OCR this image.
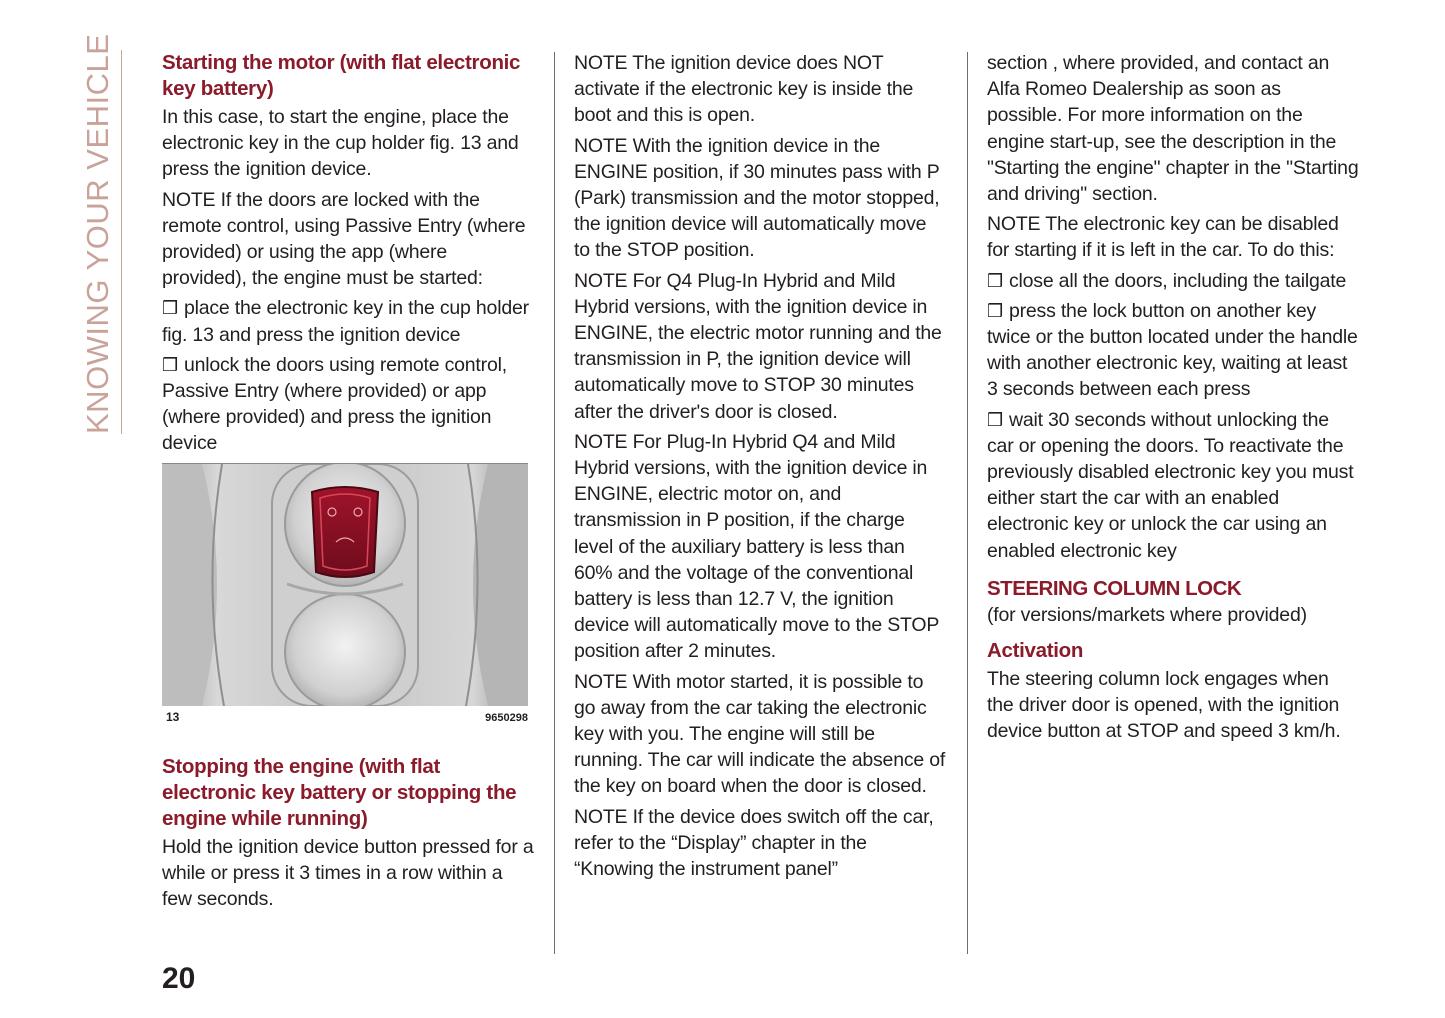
KNOWING YOUR VEHICLE Starting the motor (with flat electronic key battery)

In this case, to start the engine, place the electronic key in the cup holder fig. 13 and press the ignition device.

NOTE If the doors are locked with the remote control, using Passive Entry (where provided) or using the app (where provided), the engine must be started:

❒ place the electronic key in the cup holder fig. 13 and press the ignition device

❒ unlock the doors using remote control, Passive Entry (where provided) or app (where provided) and press the ignition device

13	9650298
Stopping the engine (with flat electronic key battery or stopping the engine while running)

Hold the ignition device button pressed for a while or press it 3 times in a row within a few seconds.

NOTE The ignition device does NOT activate if the electronic key is inside the boot and this is open.

NOTE With the ignition device in the ENGINE position, if 30 minutes pass with P (Park) transmission and the motor stopped, the ignition device will automatically move to the STOP position.

NOTE For Q4 Plug-In Hybrid and Mild Hybrid versions, with the ignition device in ENGINE, the electric motor running and the transmission in P, the ignition device will automatically move to STOP 30 minutes after the driver's door is closed.

NOTE For Plug-In Hybrid Q4 and Mild Hybrid versions, with the ignition device in ENGINE, electric motor on, and transmission in P position, if the charge level of the auxiliary battery is less than 60% and the voltage of the conventional battery is less than 12.7 V, the ignition device will automatically move to the STOP position after 2 minutes.

NOTE With motor started, it is possible to go away from the car taking the electronic key with you. The engine will still be running. The car will indicate the absence of the key on board when the door is closed.

NOTE If the device does switch off the car, refer to the “Display” chapter in the “Knowing the instrument panel”

section , where provided, and contact an Alfa Romeo Dealership as soon as possible. For more information on the engine start-up, see the description in the "Starting the engine" chapter in the "Starting and driving" section.

NOTE The electronic key can be disabled for starting if it is left in the car. To do this:

❒ close all the doors, including the tailgate

❒ press the lock button on another key twice or the button located under the handle with another electronic key, waiting at least 3 seconds between each press

❒ wait 30 seconds without unlocking the car or opening the doors. To reactivate the previously disabled electronic key you must either start the car with an enabled electronic key or unlock the car using an enabled electronic key

STEERING COLUMN LOCK

(for versions/markets where provided)

Activation

The steering column lock engages when the driver door is opened, with the ignition device button at STOP and speed 3 km/h.

20
